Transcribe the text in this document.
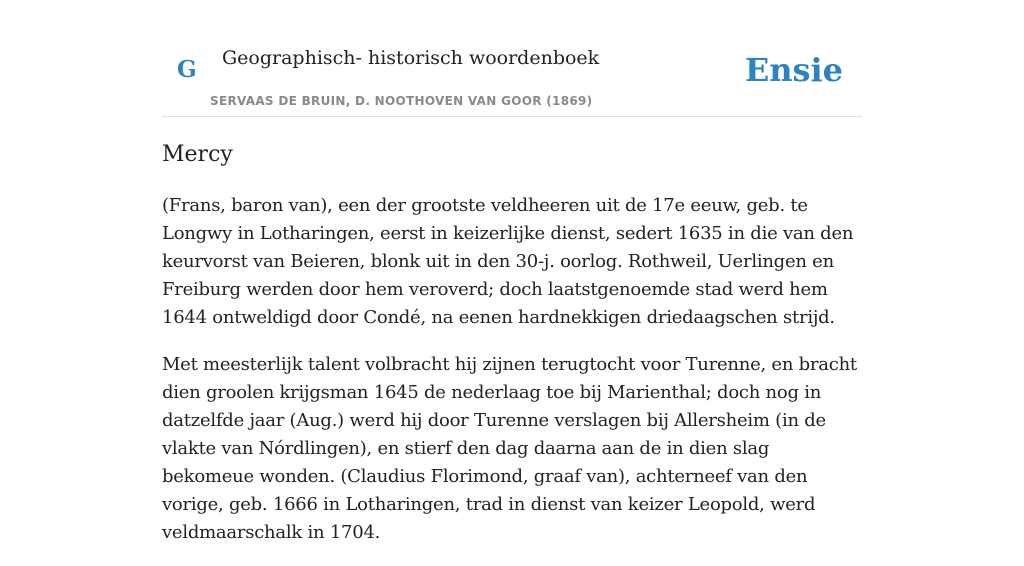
G Geographisch- historisch woordenboek
SERVAAS DE BRUIN, D. NOOTHOVEN VAN GOOR (1869)
Ensie
Mercy

(Frans, baron van), een der grootste veldheeren uit de 17e eeuw, geb. te Longwy in Lotharingen, eerst in keizerlijke dienst, sedert 1635 in die van den keurvorst van Beieren, blonk uit in den 30-j. oorlog. Rothweil, Uerlingen en Freiburg werden door hem veroverd; doch laatstgenoemde stad werd hem 1644 ontweldigd door Condé, na eenen hardnekkigen driedaagschen strijd.

Met meesterlijk talent volbracht hij zijnen terugtocht voor Turenne, en bracht dien groolen krijgsman 1645 de nederlaag toe bij Marienthal; doch nog in datzelfde jaar (Aug.) werd hij door Turenne verslagen bij Allersheim (in de vlakte van Nórdlingen), en stierf den dag daarna aan de in dien slag bekomeue wonden. (Claudius Florimond, graaf van), achterneef van den vorige, geb. 1666 in Lotharingen, trad in dienst van keizer Leopold, werd veldmaarschalk in 1704.
